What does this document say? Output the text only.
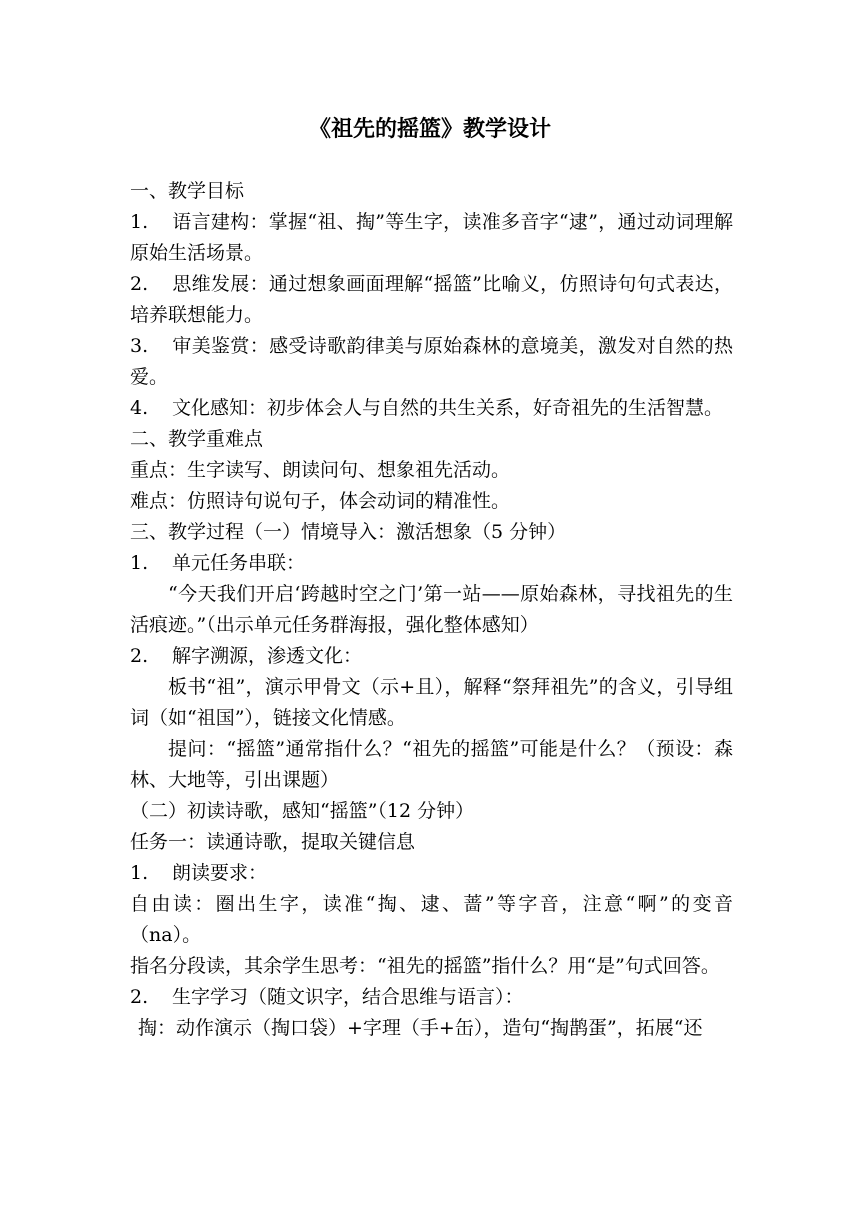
《祖先的摇篮》教学设计

一、教学目标

1. 语言建构：掌握“祖、掏”等生字，读准多音字“逮”，通过动词理解原始生活场景。

2. 思维发展：通过想象画面理解“摇篮”比喻义，仿照诗句句式表达，培养联想能力。

3. 审美鉴赏：感受诗歌韵律美与原始森林的意境美，激发对自然的热爱。

4. 文化感知：初步体会人与自然的共生关系，好奇祖先的生活智慧。

二、教学重难点

重点：生字读写、朗读问句、想象祖先活动。

难点：仿照诗句说句子，体会动词的精准性。

三、教学过程（一）情境导入：激活想象（5 分钟）

1. 单元任务串联：

“今天我们开启‘跨越时空之门’第一站——原始森林，寻找祖先的生活痕迹。”（出示单元任务群海报，强化整体感知）

2. 解字溯源，渗透文化：

板书“祖”，演示甲骨文（示+且），解释“祭拜祖先”的含义，引导组词（如“祖国”），链接文化情感。

提问：“摇篮”通常指什么？“祖先的摇篮”可能是什么？（预设：森林、大地等，引出课题）

（二）初读诗歌，感知“摇篮”（12 分钟）

任务一：读通诗歌，提取关键信息

1. 朗读要求：

自由读：圈出生字，读准“掏、逮、蔷”等字音，注意“啊”的变音（na）。

指名分段读，其余学生思考：“祖先的摇篮”指什么？用“是”句式回答。

2. 生字学习（随文识字，结合思维与语言）：

掏：动作演示（掏口袋）+字理（手+缶），造句“掏鹊蛋”，拓展“还
